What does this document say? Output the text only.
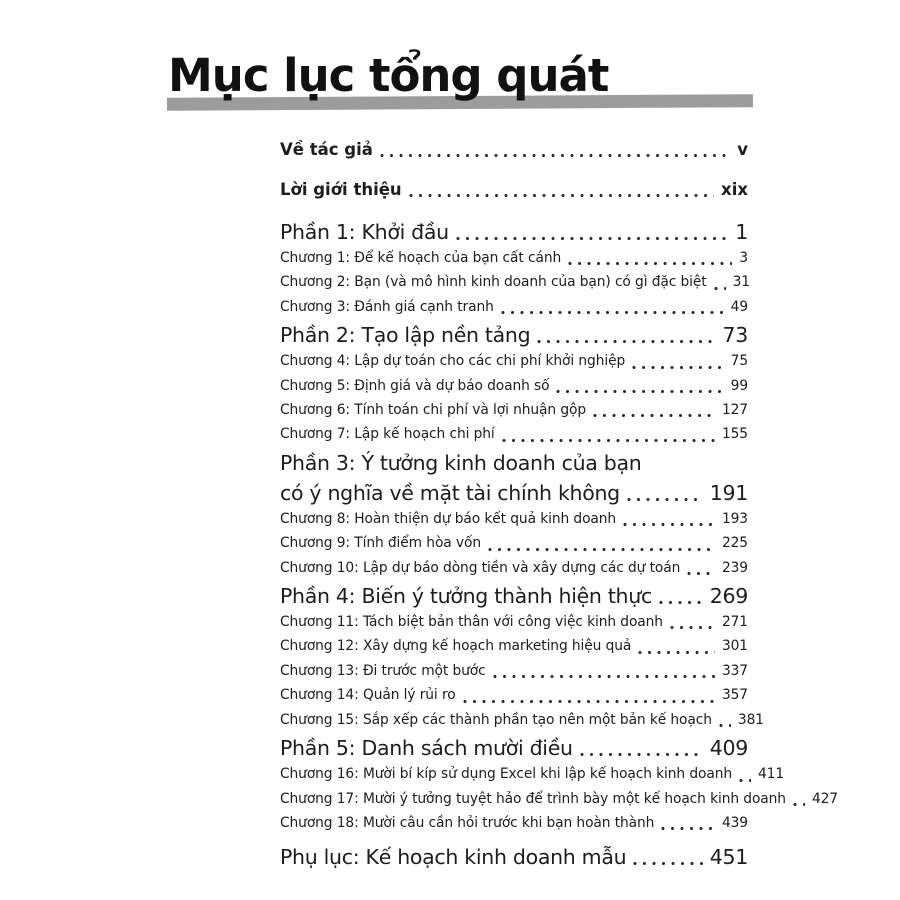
Mục lục tổng quát
Về tác giả	v
Lời giới thiệu	xix
Phần 1: Khởi đầu	1
Chương 1: Để kế hoạch của bạn cất cánh	3
Chương 2: Bạn (và mô hình kinh doanh của bạn) có gì đặc biệt 31
Chương 3: Đánh giá cạnh tranh	49
Phần 2: Tạo lập nền tảng	73
Chương 4: Lập dự toán cho các chi phí khởi nghiệp	75
Chương 5: Định giá và dự báo doanh số	99
Chương 6: Tính toán chi phí và lợi nhuận gộp	127
Chương 7: Lập kế hoạch chi phí	155
Phần 3: Ý tưởng kinh doanh của bạn
có ý nghĩa về mặt tài chính không	191
Chương 8: Hoàn thiện dự báo kết quả kinh doanh	193
Chương 9: Tính điểm hòa vốn	225
Chương 10: Lập dự báo dòng tiền và xây dựng các dự toán	239
Phần 4: Biến ý tưởng thành hiện thực	269
Chương 11: Tách biệt bản thân với công việc kinh doanh	271
Chương 12: Xây dựng kế hoạch marketing hiệu quả	301
Chương 13: Đi trước một bước	337
Chương 14: Quản lý rủi ro	357
Chương 15: Sắp xếp các thành phần tạo nên một bản kế hoạch 381
Phần 5: Danh sách mười điều	409
Chương 16: Mười bí kíp sử dụng Excel khi lập kế hoạch kinh doanh 411
Chương 17: Mười ý tưởng tuyệt hảo để trình bày một kế hoạch kinh doanh 427
Chương 18: Mười câu cần hỏi trước khi bạn hoàn thành	439
Phụ lục: Kế hoạch kinh doanh mẫu	451
